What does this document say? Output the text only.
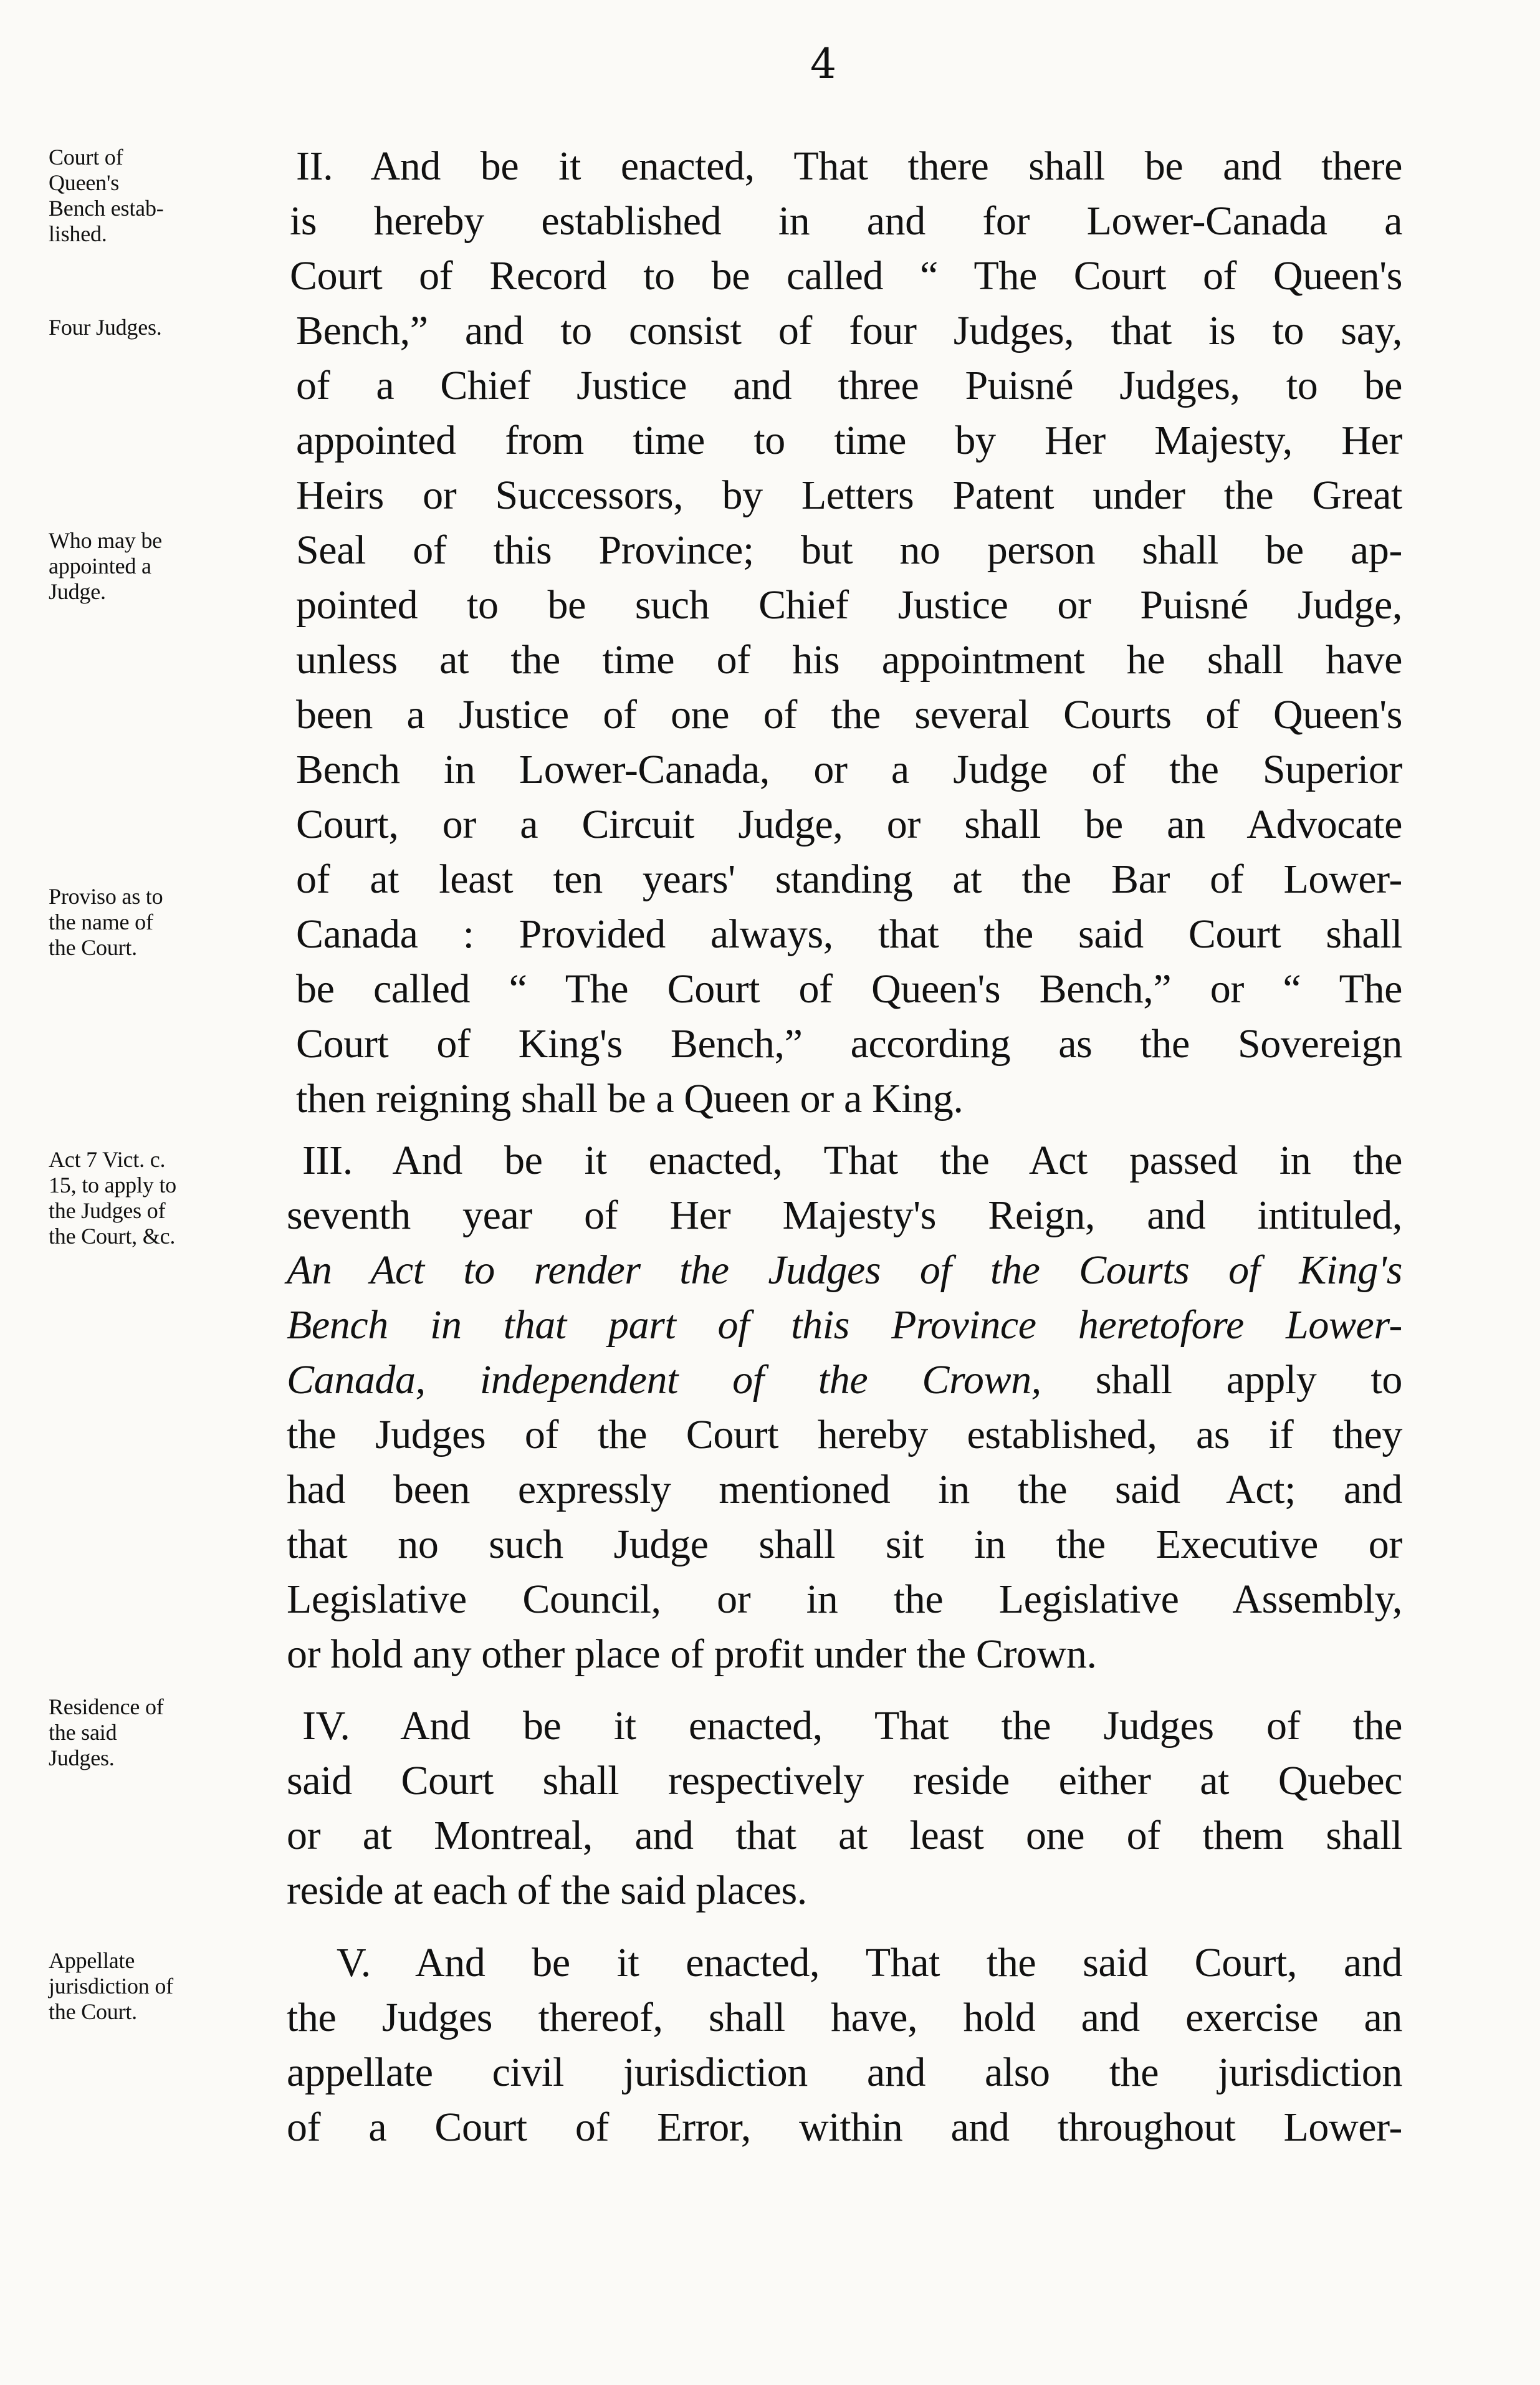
4
Court of
Queen's
Bench estab-
lished.
Four Judges.
Who may be
appointed a
Judge.
Proviso as to
the name of
the Court.
Act 7 Vict. c.
15, to apply to
the Judges of
the Court, &c.
Residence of
the said
Judges.
Appellate
jurisdiction of
the Court.
II. And be it enacted, That there shall be and there
is hereby established in and for Lower-Canada a
Court of Record to be called “ The Court of Queen's
Bench,” and to consist of four Judges, that is to say,
of a Chief Justice and three Puisné Judges, to be
appointed from time to time by Her Majesty, Her
Heirs or Successors, by Letters Patent under the Great
Seal of this Province; but no person shall be ap-
pointed to be such Chief Justice or Puisné Judge,
unless at the time of his appointment he shall have
been a Justice of one of the several Courts of Queen's
Bench in Lower-Canada, or a Judge of the Superior
Court, or a Circuit Judge, or shall be an Advocate
of at least ten years' standing at the Bar of Lower-
Canada : Provided always, that the said Court shall
be called “ The Court of Queen's Bench,” or “ The
Court of King's Bench,” according as the Sovereign
then reigning shall be a Queen or a King.
III. And be it enacted, That the Act passed in the
seventh year of Her Majesty's Reign, and intituled,
An Act to render the Judges of the Courts of King's
Bench in that part of this Province heretofore Lower-
Canada, independent of the Crown, shall apply to
the Judges of the Court hereby established, as if they
had been expressly mentioned in the said Act; and
that no such Judge shall sit in the Executive or
Legislative Council, or in the Legislative Assembly,
or hold any other place of profit under the Crown.
IV. And be it enacted, That the Judges of the
said Court shall respectively reside either at Quebec
or at Montreal, and that at least one of them shall
reside at each of the said places.
V. And be it enacted, That the said Court, and
the Judges thereof, shall have, hold and exercise an
appellate civil jurisdiction and also the jurisdiction
of a Court of Error, within and throughout Lower-
